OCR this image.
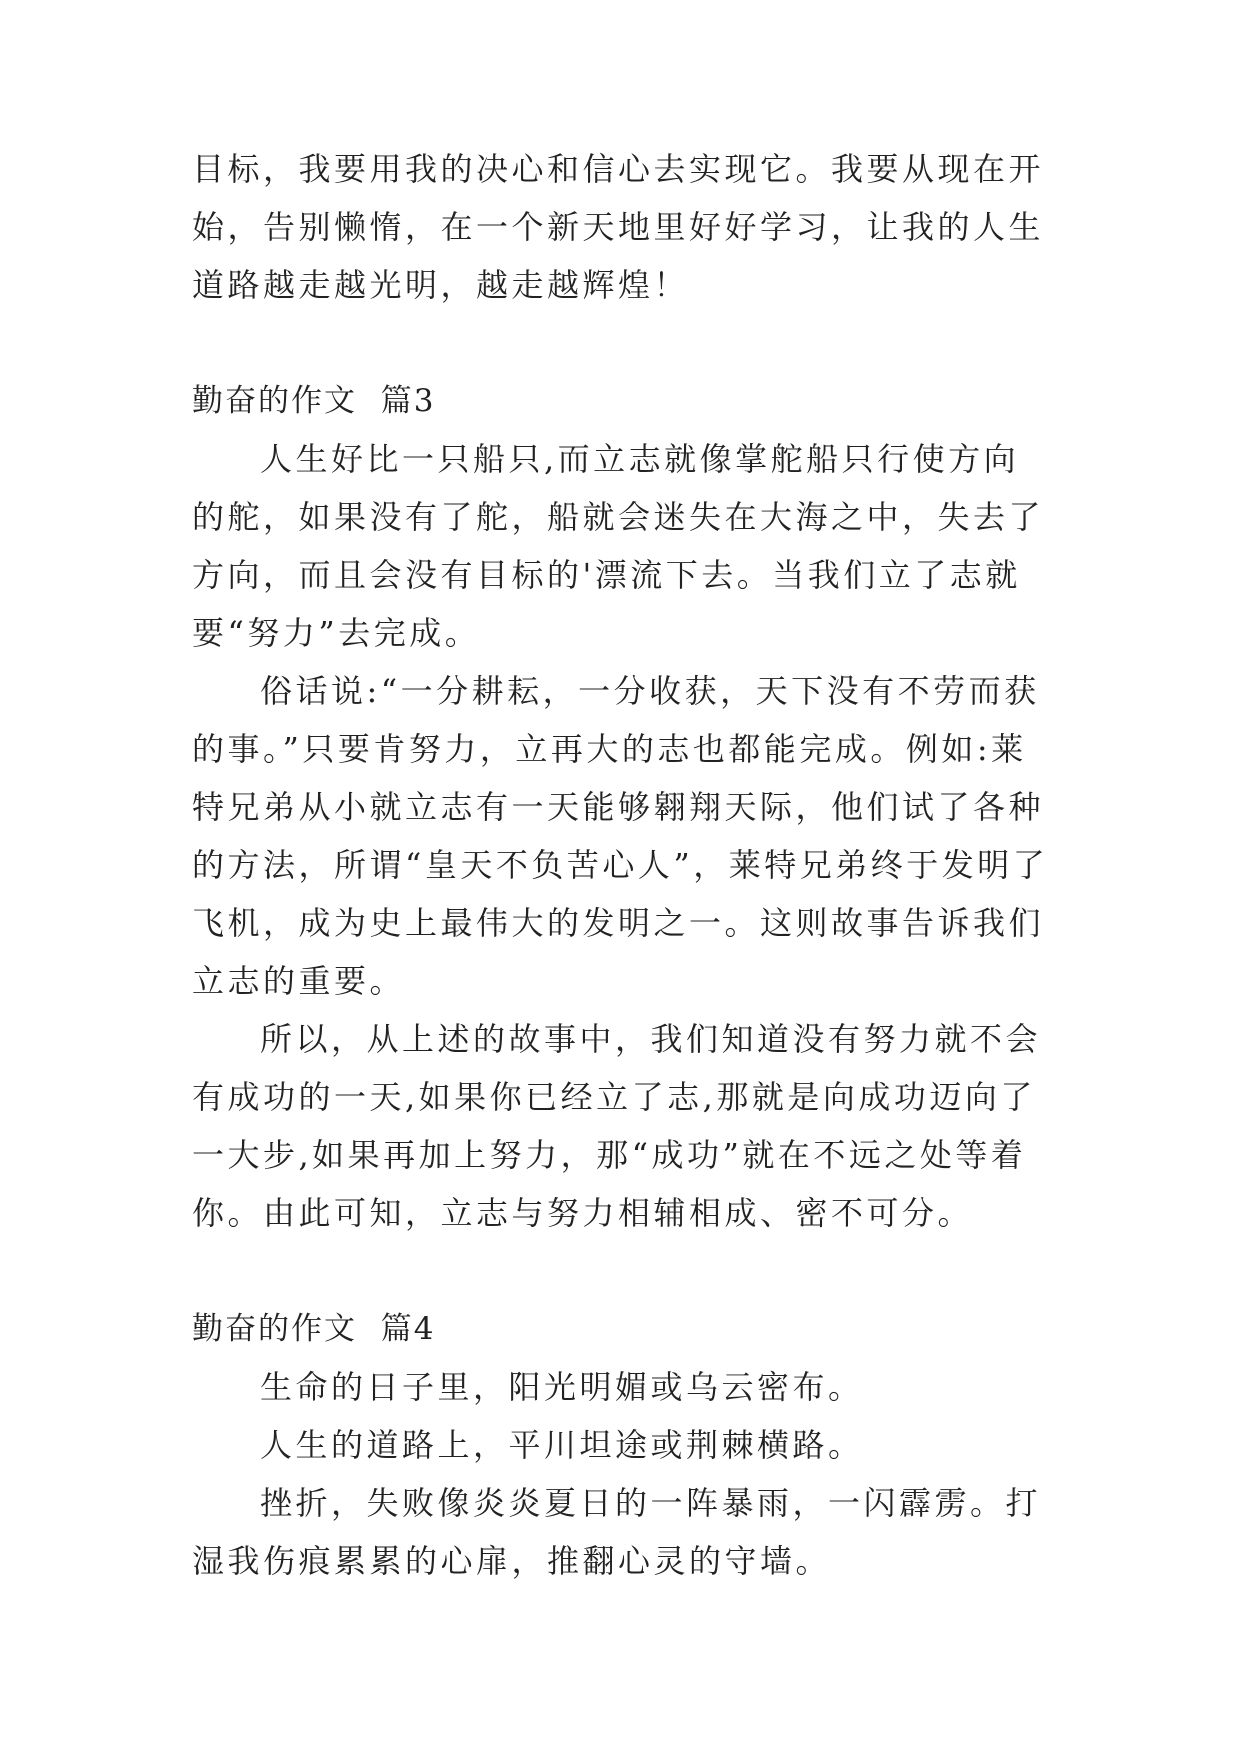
目标，我要用我的决心和信心去实现它。我要从现在开始，告别懒惰，在一个新天地里好好学习，让我的人生道路越走越光明，越走越辉煌！

勤奋的作文  篇3

人生好比一只船只,而立志就像掌舵船只行使方向的舵，如果没有了舵，船就会迷失在大海之中，失去了方向，而且会没有目标的'漂流下去。当我们立了志就要“努力”去完成。

俗话说:“一分耕耘，一分收获，天下没有不劳而获的事。”只要肯努力，立再大的志也都能完成。例如:莱特兄弟从小就立志有一天能够翱翔天际，他们试了各种的方法，所谓“皇天不负苦心人”，莱特兄弟终于发明了飞机，成为史上最伟大的发明之一。这则故事告诉我们立志的重要。

所以，从上述的故事中，我们知道没有努力就不会有成功的一天,如果你已经立了志,那就是向成功迈向了一大步,如果再加上努力，那“成功”就在不远之处等着你。由此可知，立志与努力相辅相成、密不可分。

勤奋的作文  篇4

生命的日子里，阳光明媚或乌云密布。

人生的道路上，平川坦途或荆棘横路。

挫折，失败像炎炎夏日的一阵暴雨，一闪霹雳。打湿我伤痕累累的心扉，推翻心灵的守墙。
